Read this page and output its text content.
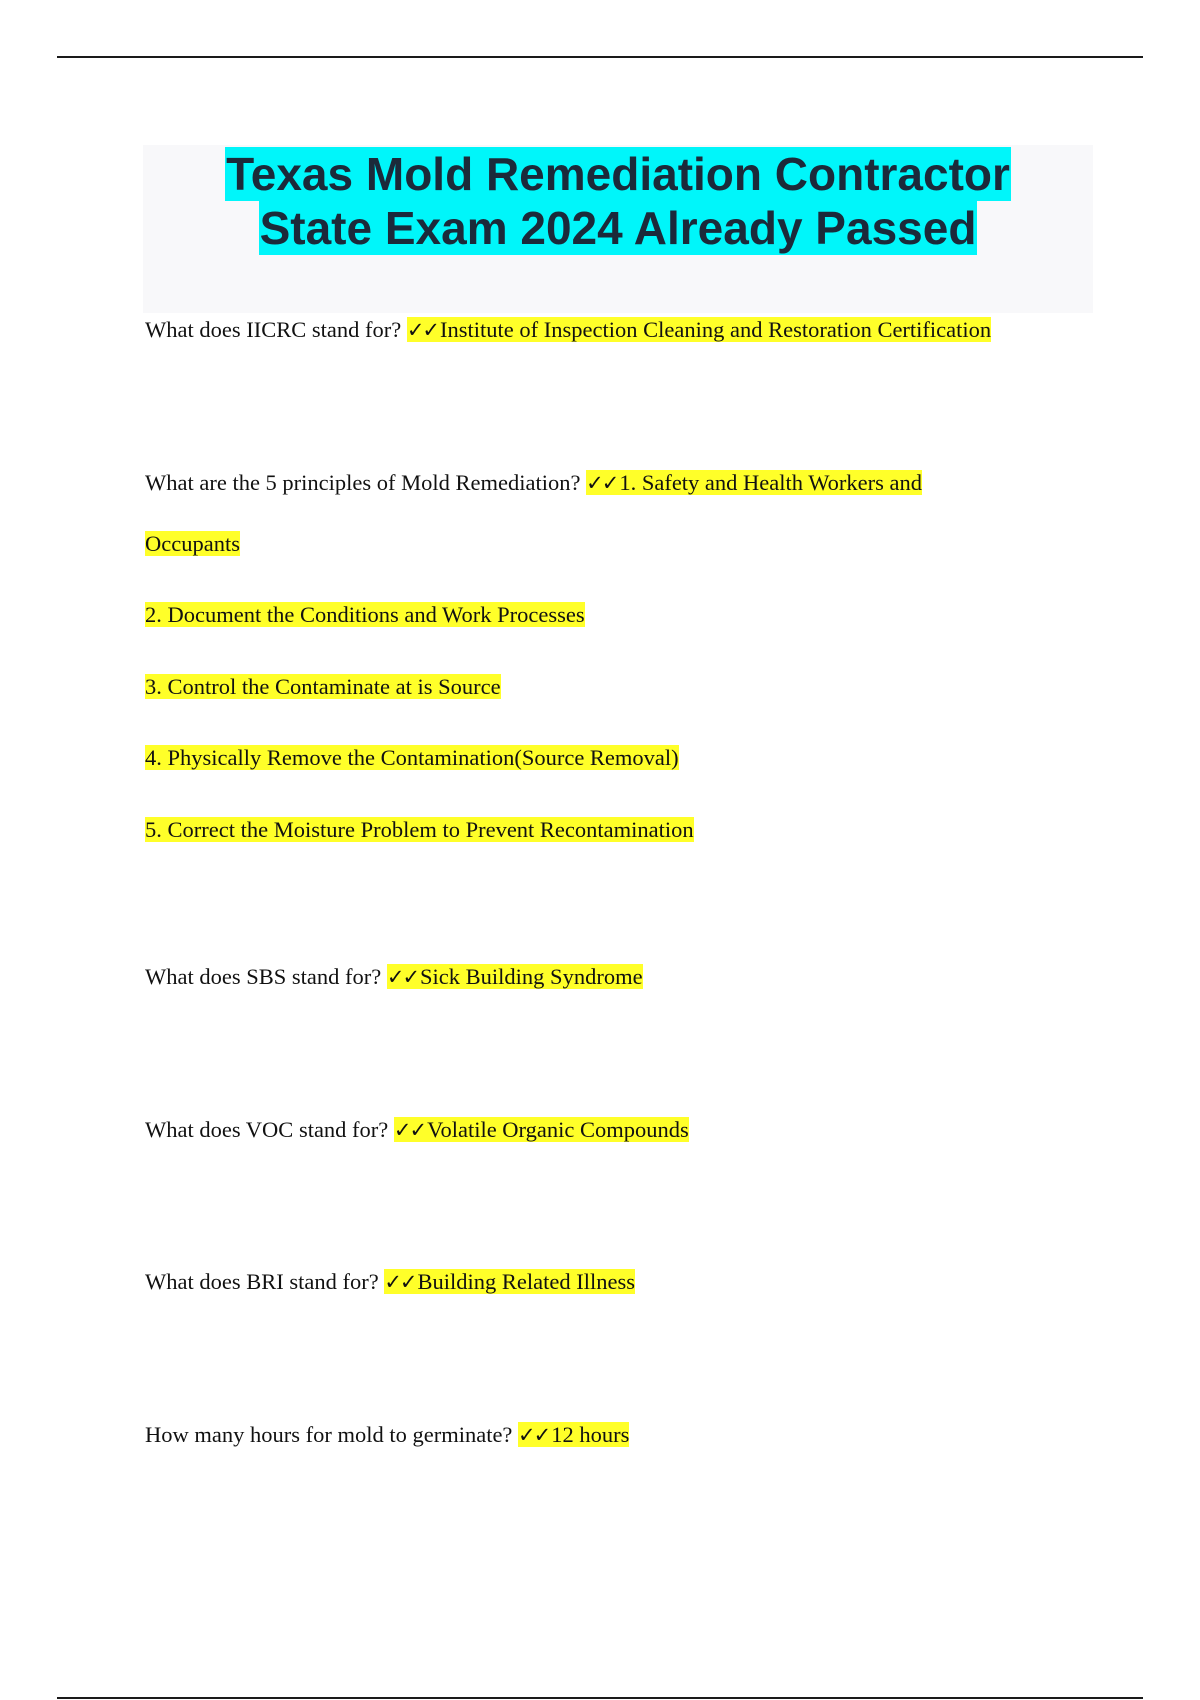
Texas Mold Remediation Contractor
State Exam 2024 Already Passed
What does IICRC stand for? ✓✓Institute of Inspection Cleaning and Restoration Certification
What are the 5 principles of Mold Remediation? ✓✓1. Safety and Health Workers and
Occupants
2. Document the Conditions and Work Processes
3. Control the Contaminate at is Source
4. Physically Remove the Contamination(Source Removal)
5. Correct the Moisture Problem to Prevent Recontamination
What does SBS stand for? ✓✓Sick Building Syndrome
What does VOC stand for? ✓✓Volatile Organic Compounds
What does BRI stand for? ✓✓Building Related Illness
How many hours for mold to germinate? ✓✓12 hours
